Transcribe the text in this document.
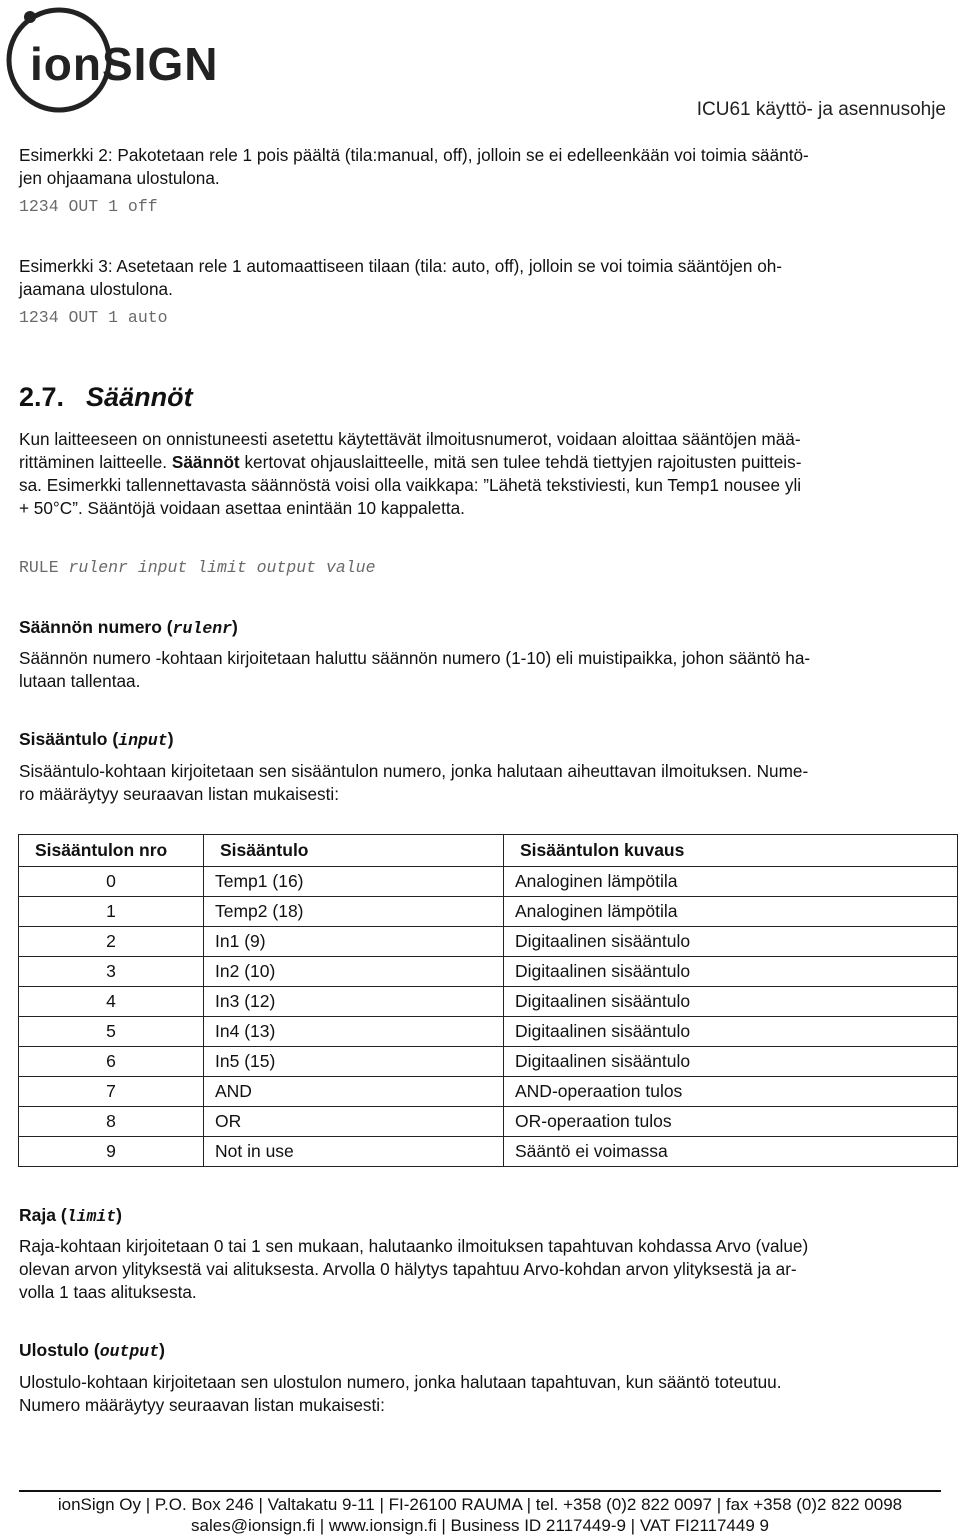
ionSIGN
ICU61 käyttö- ja asennusohje

Esimerkki 2: Pakotetaan rele 1 pois päältä (tila:manual, off), jolloin se ei edelleenkään voi toimia sääntö-
jen ohjaamana ulostulona.

1234 OUT 1 off

Esimerkki 3: Asetetaan rele 1 automaattiseen tilaan (tila: auto, off), jolloin se voi toimia sääntöjen oh-
jaamana ulostulona.

1234 OUT 1 auto
2.7. Säännöt

Kun laitteeseen on onnistuneesti asetettu käytettävät ilmoitusnumerot, voidaan aloittaa sääntöjen mää-
rittäminen laitteelle. Säännöt kertovat ohjauslaitteelle, mitä sen tulee tehdä tiettyjen rajoitusten puitteis-
sa. Esimerkki tallennettavasta säännöstä voisi olla vaikkapa: ”Lähetä tekstiviesti, kun Temp1 nousee yli
+ 50°C”. Sääntöjä voidaan asettaa enintään 10 kappaletta.

RULE rulenr input limit output value
Säännön numero (rulenr)

Säännön numero -kohtaan kirjoitetaan haluttu säännön numero (1-10) eli muistipaikka, johon sääntö ha-
lutaan tallentaa.

Sisääntulo (input)

Sisääntulo-kohtaan kirjoitetaan sen sisääntulon numero, jonka halutaan aiheuttavan ilmoituksen. Nume-
ro määräytyy seuraavan listan mukaisesti:

Sisääntulon nro	Sisääntulo	Sisääntulon kuvaus
0	Temp1 (16)	Analoginen lämpötila
1	Temp2 (18)	Analoginen lämpötila
2	In1 (9)	Digitaalinen sisääntulo
3	In2 (10)	Digitaalinen sisääntulo
4	In3 (12)	Digitaalinen sisääntulo
5	In4 (13)	Digitaalinen sisääntulo
6	In5 (15)	Digitaalinen sisääntulo
7	AND	AND-operaation tulos
8	OR	OR-operaation tulos
9	Not in use	Sääntö ei voimassa
Raja (limit)

Raja-kohtaan kirjoitetaan 0 tai 1 sen mukaan, halutaanko ilmoituksen tapahtuvan kohdassa Arvo (value)
olevan arvon ylityksestä vai alituksesta. Arvolla 0 hälytys tapahtuu Arvo-kohdan arvon ylityksestä ja ar-
volla 1 taas alituksesta.

Ulostulo (output)

Ulostulo-kohtaan kirjoitetaan sen ulostulon numero, jonka halutaan tapahtuvan, kun sääntö toteutuu.
Numero määräytyy seuraavan listan mukaisesti:

ionSign Oy | P.O. Box 246 | Valtakatu 9-11 | FI-26100 RAUMA | tel. +358 (0)2 822 0097 | fax +358 (0)2 822 0098
sales@ionsign.fi | www.ionsign.fi | Business ID 2117449-9 | VAT FI2117449 9
